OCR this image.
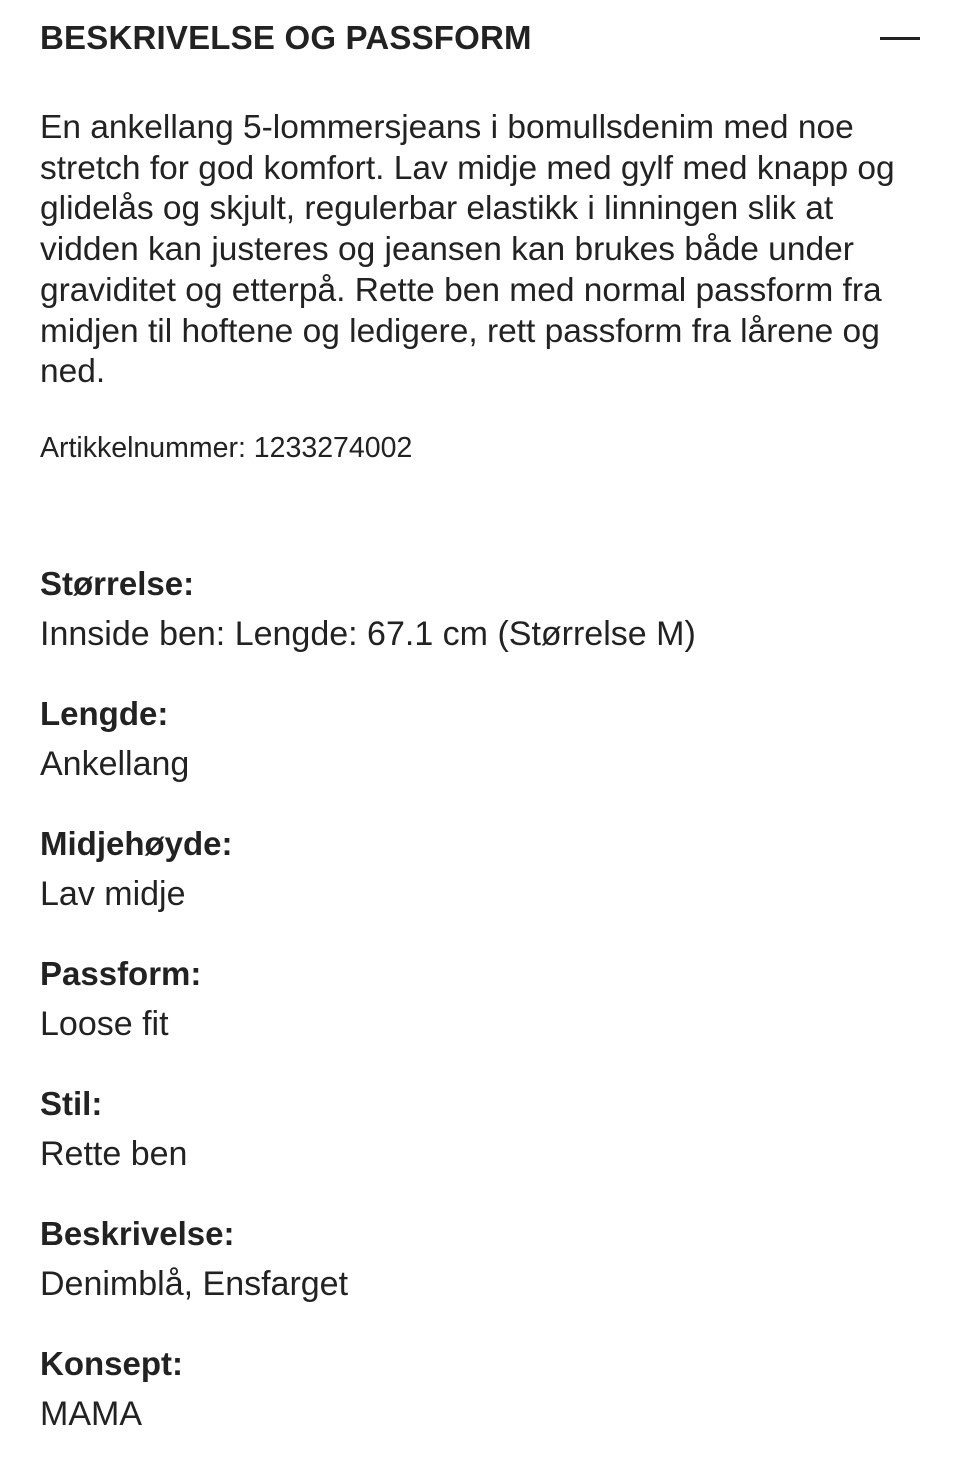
BESKRIVELSE OG PASSFORM

En ankellang 5-lommersjeans i bomullsdenim med noe stretch for god komfort. Lav midje med gylf med knapp og glidelås og skjult, regulerbar elastikk i linningen slik at vidden kan justeres og jeansen kan brukes både under graviditet og etterpå. Rette ben med normal passform fra midjen til hoftene og ledigere, rett passform fra lårene og ned.

Artikkelnummer: 1233274002

Størrelse:
Innside ben: Lengde: 67.1 cm (Størrelse M)
Lengde:
Ankellang
Midjehøyde:
Lav midje
Passform:
Loose fit
Stil:
Rette ben
Beskrivelse:
Denimblå, Ensfarget
Konsept:
MAMA
